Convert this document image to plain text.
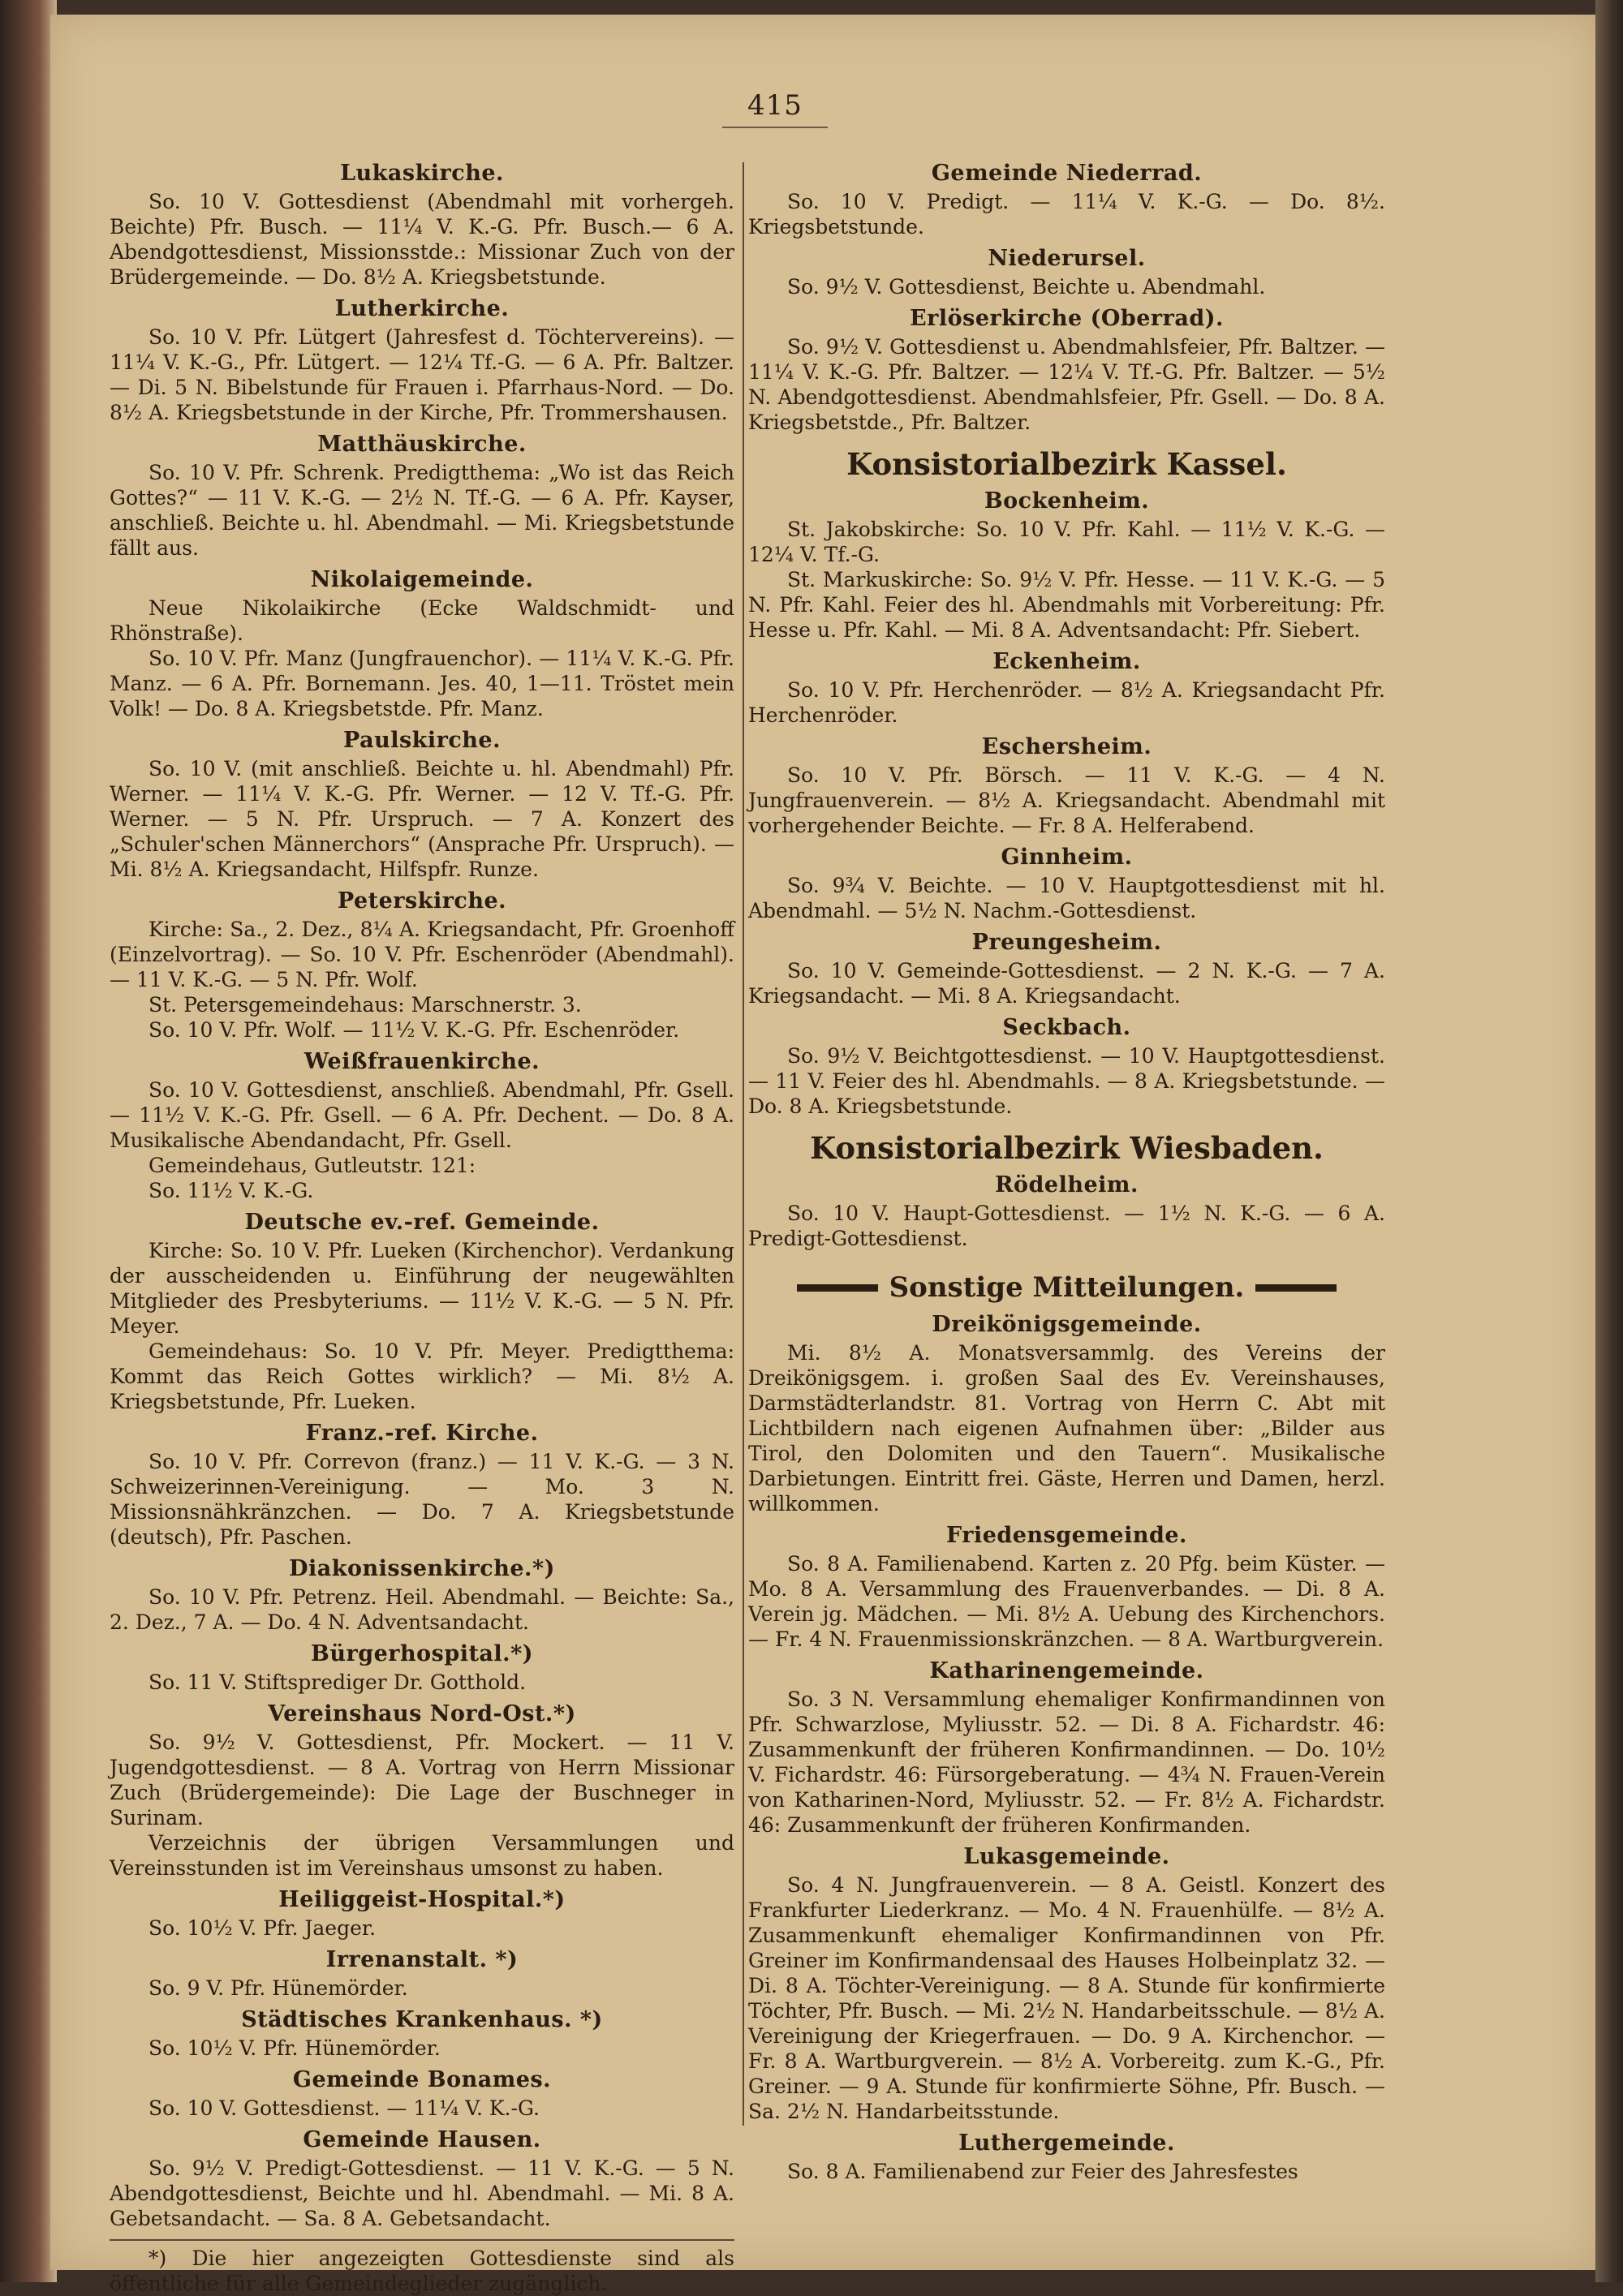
415
Lukaskirche.

So. 10 V. Gottesdienst (Abendmahl mit vorhergeh. Beichte) Pfr. Busch. — 11¼ V. K.-G. Pfr. Busch.— 6 A. Abendgottesdienst, Missionsstde.: Missionar Zuch von der Brüdergemeinde. — Do. 8½ A. Kriegsbetstunde.

Lutherkirche.

So. 10 V. Pfr. Lütgert (Jahresfest d. Töchtervereins). — 11¼ V. K.-G., Pfr. Lütgert. — 12¼ Tf.-G. — 6 A. Pfr. Baltzer. — Di. 5 N. Bibelstunde für Frauen i. Pfarrhaus-Nord. — Do. 8½ A. Kriegsbetstunde in der Kirche, Pfr. Trommershausen.

Matthäuskirche.

So. 10 V. Pfr. Schrenk. Predigtthema: „Wo ist das Reich Gottes?“ — 11 V. K.-G. — 2½ N. Tf.-G. — 6 A. Pfr. Kayser, anschließ. Beichte u. hl. Abendmahl. — Mi. Kriegsbetstunde fällt aus.

Nikolaigemeinde.

Neue Nikolaikirche (Ecke Waldschmidt- und Rhönstraße).

So. 10 V. Pfr. Manz (Jungfrauenchor). — 11¼ V. K.-G. Pfr. Manz. — 6 A. Pfr. Bornemann. Jes. 40, 1—11. Tröstet mein Volk! — Do. 8 A. Kriegsbetstde. Pfr. Manz.

Paulskirche.

So. 10 V. (mit anschließ. Beichte u. hl. Abendmahl) Pfr. Werner. — 11¼ V. K.-G. Pfr. Werner. — 12 V. Tf.-G. Pfr. Werner. — 5 N. Pfr. Urspruch. — 7 A. Konzert des „Schuler'schen Männerchors“ (Ansprache Pfr. Urspruch). — Mi. 8½ A. Kriegsandacht, Hilfspfr. Runze.

Peterskirche.

Kirche: Sa., 2. Dez., 8¼ A. Kriegsandacht, Pfr. Groenhoff (Einzelvortrag). — So. 10 V. Pfr. Eschenröder (Abendmahl). — 11 V. K.-G. — 5 N. Pfr. Wolf.

St. Petersgemeindehaus: Marschnerstr. 3.

So. 10 V. Pfr. Wolf. — 11½ V. K.-G. Pfr. Eschenröder.

Weißfrauenkirche.

So. 10 V. Gottesdienst, anschließ. Abendmahl, Pfr. Gsell. — 11½ V. K.-G. Pfr. Gsell. — 6 A. Pfr. Dechent. — Do. 8 A. Musikalische Abendandacht, Pfr. Gsell.

Gemeindehaus, Gutleutstr. 121:

So. 11½ V. K.-G.

Deutsche ev.-ref. Gemeinde.

Kirche: So. 10 V. Pfr. Lueken (Kirchenchor). Verdankung der ausscheidenden u. Einführung der neugewählten Mitglieder des Presbyteriums. — 11½ V. K.-G. — 5 N. Pfr. Meyer.

Gemeindehaus: So. 10 V. Pfr. Meyer. Predigtthema: Kommt das Reich Gottes wirklich? — Mi. 8½ A. Kriegsbetstunde, Pfr. Lueken.

Franz.-ref. Kirche.

So. 10 V. Pfr. Correvon (franz.) — 11 V. K.-G. — 3 N. Schweizerinnen-Vereinigung. — Mo. 3 N. Missionsnähkränzchen. — Do. 7 A. Kriegsbetstunde (deutsch), Pfr. Paschen.

Diakonissenkirche.*)

So. 10 V. Pfr. Petrenz. Heil. Abendmahl. — Beichte: Sa., 2. Dez., 7 A. — Do. 4 N. Adventsandacht.

Bürgerhospital.*)

So. 11 V. Stiftsprediger Dr. Gotthold.

Vereinshaus Nord-Ost.*)

So. 9½ V. Gottesdienst, Pfr. Mockert. — 11 V. Jugendgottesdienst. — 8 A. Vortrag von Herrn Missionar Zuch (Brüdergemeinde): Die Lage der Buschneger in Surinam.

Verzeichnis der übrigen Versammlungen und Vereinsstunden ist im Vereinshaus umsonst zu haben.

Heiliggeist-Hospital.*)

So. 10½ V. Pfr. Jaeger.

Irrenanstalt. *)

So. 9 V. Pfr. Hünemörder.

Städtisches Krankenhaus. *)

So. 10½ V. Pfr. Hünemörder.

Gemeinde Bonames.

So. 10 V. Gottesdienst. — 11¼ V. K.-G.

Gemeinde Hausen.

So. 9½ V. Predigt-Gottesdienst. — 11 V. K.-G. — 5 N. Abendgottesdienst, Beichte und hl. Abendmahl. — Mi. 8 A. Gebetsandacht. — Sa. 8 A. Gebetsandacht.

*) Die hier angezeigten Gottesdienste sind als öffentliche für alle Gemeindeglieder zugänglich.

Gemeinde Niederrad.

So. 10 V. Predigt. — 11¼ V. K.-G. — Do. 8½. Kriegsbetstunde.

Niederursel.

So. 9½ V. Gottesdienst, Beichte u. Abendmahl.

Erlöserkirche (Oberrad).

So. 9½ V. Gottesdienst u. Abendmahlsfeier, Pfr. Baltzer. — 11¼ V. K.-G. Pfr. Baltzer. — 12¼ V. Tf.-G. Pfr. Baltzer. — 5½ N. Abendgottesdienst. Abendmahlsfeier, Pfr. Gsell. — Do. 8 A. Kriegsbetstde., Pfr. Baltzer.

Konsistorialbezirk Kassel.
Bockenheim.

St. Jakobskirche: So. 10 V. Pfr. Kahl. — 11½ V. K.-G. — 12¼ V. Tf.-G.

St. Markuskirche: So. 9½ V. Pfr. Hesse. — 11 V. K.-G. — 5 N. Pfr. Kahl. Feier des hl. Abendmahls mit Vorbereitung: Pfr. Hesse u. Pfr. Kahl. — Mi. 8 A. Adventsandacht: Pfr. Siebert.

Eckenheim.

So. 10 V. Pfr. Herchenröder. — 8½ A. Kriegsandacht Pfr. Herchenröder.

Eschersheim.

So. 10 V. Pfr. Börsch. — 11 V. K.-G. — 4 N. Jungfrauenverein. — 8½ A. Kriegsandacht. Abendmahl mit vorhergehender Beichte. — Fr. 8 A. Helferabend.

Ginnheim.

So. 9¾ V. Beichte. — 10 V. Hauptgottesdienst mit hl. Abendmahl. — 5½ N. Nachm.-Gottesdienst.

Preungesheim.

So. 10 V. Gemeinde-Gottesdienst. — 2 N. K.-G. — 7 A. Kriegsandacht. — Mi. 8 A. Kriegsandacht.

Seckbach.

So. 9½ V. Beichtgottesdienst. — 10 V. Hauptgottesdienst. — 11 V. Feier des hl. Abendmahls. — 8 A. Kriegsbetstunde. — Do. 8 A. Kriegsbetstunde.

Konsistorialbezirk Wiesbaden.
Rödelheim.

So. 10 V. Haupt-Gottesdienst. — 1½ N. K.-G. — 6 A. Predigt-Gottesdienst.

Sonstige Mitteilungen.
Dreikönigsgemeinde.

Mi. 8½ A. Monatsversammlg. des Vereins der Dreikönigsgem. i. großen Saal des Ev. Vereinshauses, Darmstädterlandstr. 81. Vortrag von Herrn C. Abt mit Lichtbildern nach eigenen Aufnahmen über: „Bilder aus Tirol, den Dolomiten und den Tauern“. Musikalische Darbietungen. Eintritt frei. Gäste, Herren und Damen, herzl. willkommen.

Friedensgemeinde.

So. 8 A. Familienabend. Karten z. 20 Pfg. beim Küster. — Mo. 8 A. Versammlung des Frauenverbandes. — Di. 8 A. Verein jg. Mädchen. — Mi. 8½ A. Uebung des Kirchenchors. — Fr. 4 N. Frauenmissionskränzchen. — 8 A. Wartburgverein.

Katharinengemeinde.

So. 3 N. Versammlung ehemaliger Konfirmandinnen von Pfr. Schwarzlose, Myliusstr. 52. — Di. 8 A. Fichardstr. 46: Zusammenkunft der früheren Konfirmandinnen. — Do. 10½ V. Fichardstr. 46: Fürsorgeberatung. — 4¾ N. Frauen-Verein von Katharinen-Nord, Myliusstr. 52. — Fr. 8½ A. Fichardstr. 46: Zusammenkunft der früheren Konfirmanden.

Lukasgemeinde.

So. 4 N. Jungfrauenverein. — 8 A. Geistl. Konzert des Frankfurter Liederkranz. — Mo. 4 N. Frauenhülfe. — 8½ A. Zusammenkunft ehemaliger Konfirmandinnen von Pfr. Greiner im Konfirmandensaal des Hauses Holbeinplatz 32. — Di. 8 A. Töchter-Vereinigung. — 8 A. Stunde für konfirmierte Töchter, Pfr. Busch. — Mi. 2½ N. Handarbeitsschule. — 8½ A. Vereinigung der Kriegerfrauen. — Do. 9 A. Kirchenchor. — Fr. 8 A. Wartburgverein. — 8½ A. Vorbereitg. zum K.-G., Pfr. Greiner. — 9 A. Stunde für konfirmierte Söhne, Pfr. Busch. — Sa. 2½ N. Handarbeitsstunde.

Luthergemeinde.

So. 8 A. Familienabend zur Feier des Jahresfestes
